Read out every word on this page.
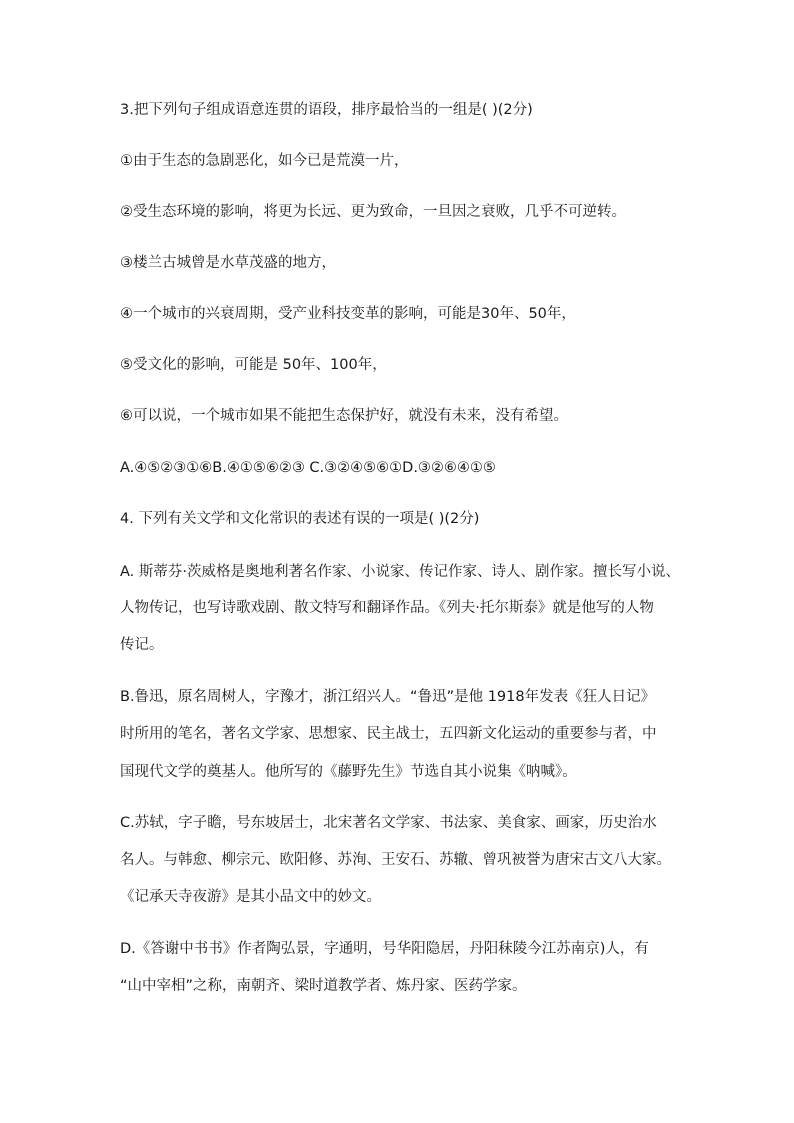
3.把下列句子组成语意连贯的语段，排序最恰当的一组是( )(2分)
①由于生态的急剧恶化，如今已是荒漠一片，
②受生态环境的影响，将更为长远、更为致命，一旦因之衰败，几乎不可逆转。
③楼兰古城曾是水草茂盛的地方，
④一个城市的兴衰周期，受产业科技变革的影响，可能是30年、50年，
⑤受文化的影响，可能是 50年、100年，
⑥可以说，一个城市如果不能把生态保护好，就没有未来，没有希望。
A.④⑤②③①⑥B.④①⑤⑥②③ C.③②④⑤⑥①D.③②⑥④①⑤
4. 下列有关文学和文化常识的表述有误的一项是( )(2分)
A. 斯蒂芬·茨威格是奥地利著名作家、小说家、传记作家、诗人、剧作家。擅长写小说、
人物传记，也写诗歌戏剧、散文特写和翻译作品。《列夫·托尔斯泰》就是他写的人物
传记。
B.鲁迅，原名周树人，字豫才，浙江绍兴人。“鲁迅”是他 1918年发表《狂人日记》
时所用的笔名，著名文学家、思想家、民主战士，五四新文化运动的重要参与者，中
国现代文学的奠基人。他所写的《藤野先生》节选自其小说集《呐喊》。
C.苏轼，字子瞻，号东坡居士，北宋著名文学家、书法家、美食家、画家，历史治水
名人。与韩愈、柳宗元、欧阳修、苏洵、王安石、苏辙、曾巩被誉为唐宋古文八大家。
《记承天寺夜游》是其小品文中的妙文。
D.《答谢中书书》作者陶弘景，字通明，号华阳隐居，丹阳秣陵今江苏南京)人，有
“山中宰相”之称，南朝齐、梁时道教学者、炼丹家、医药学家。
